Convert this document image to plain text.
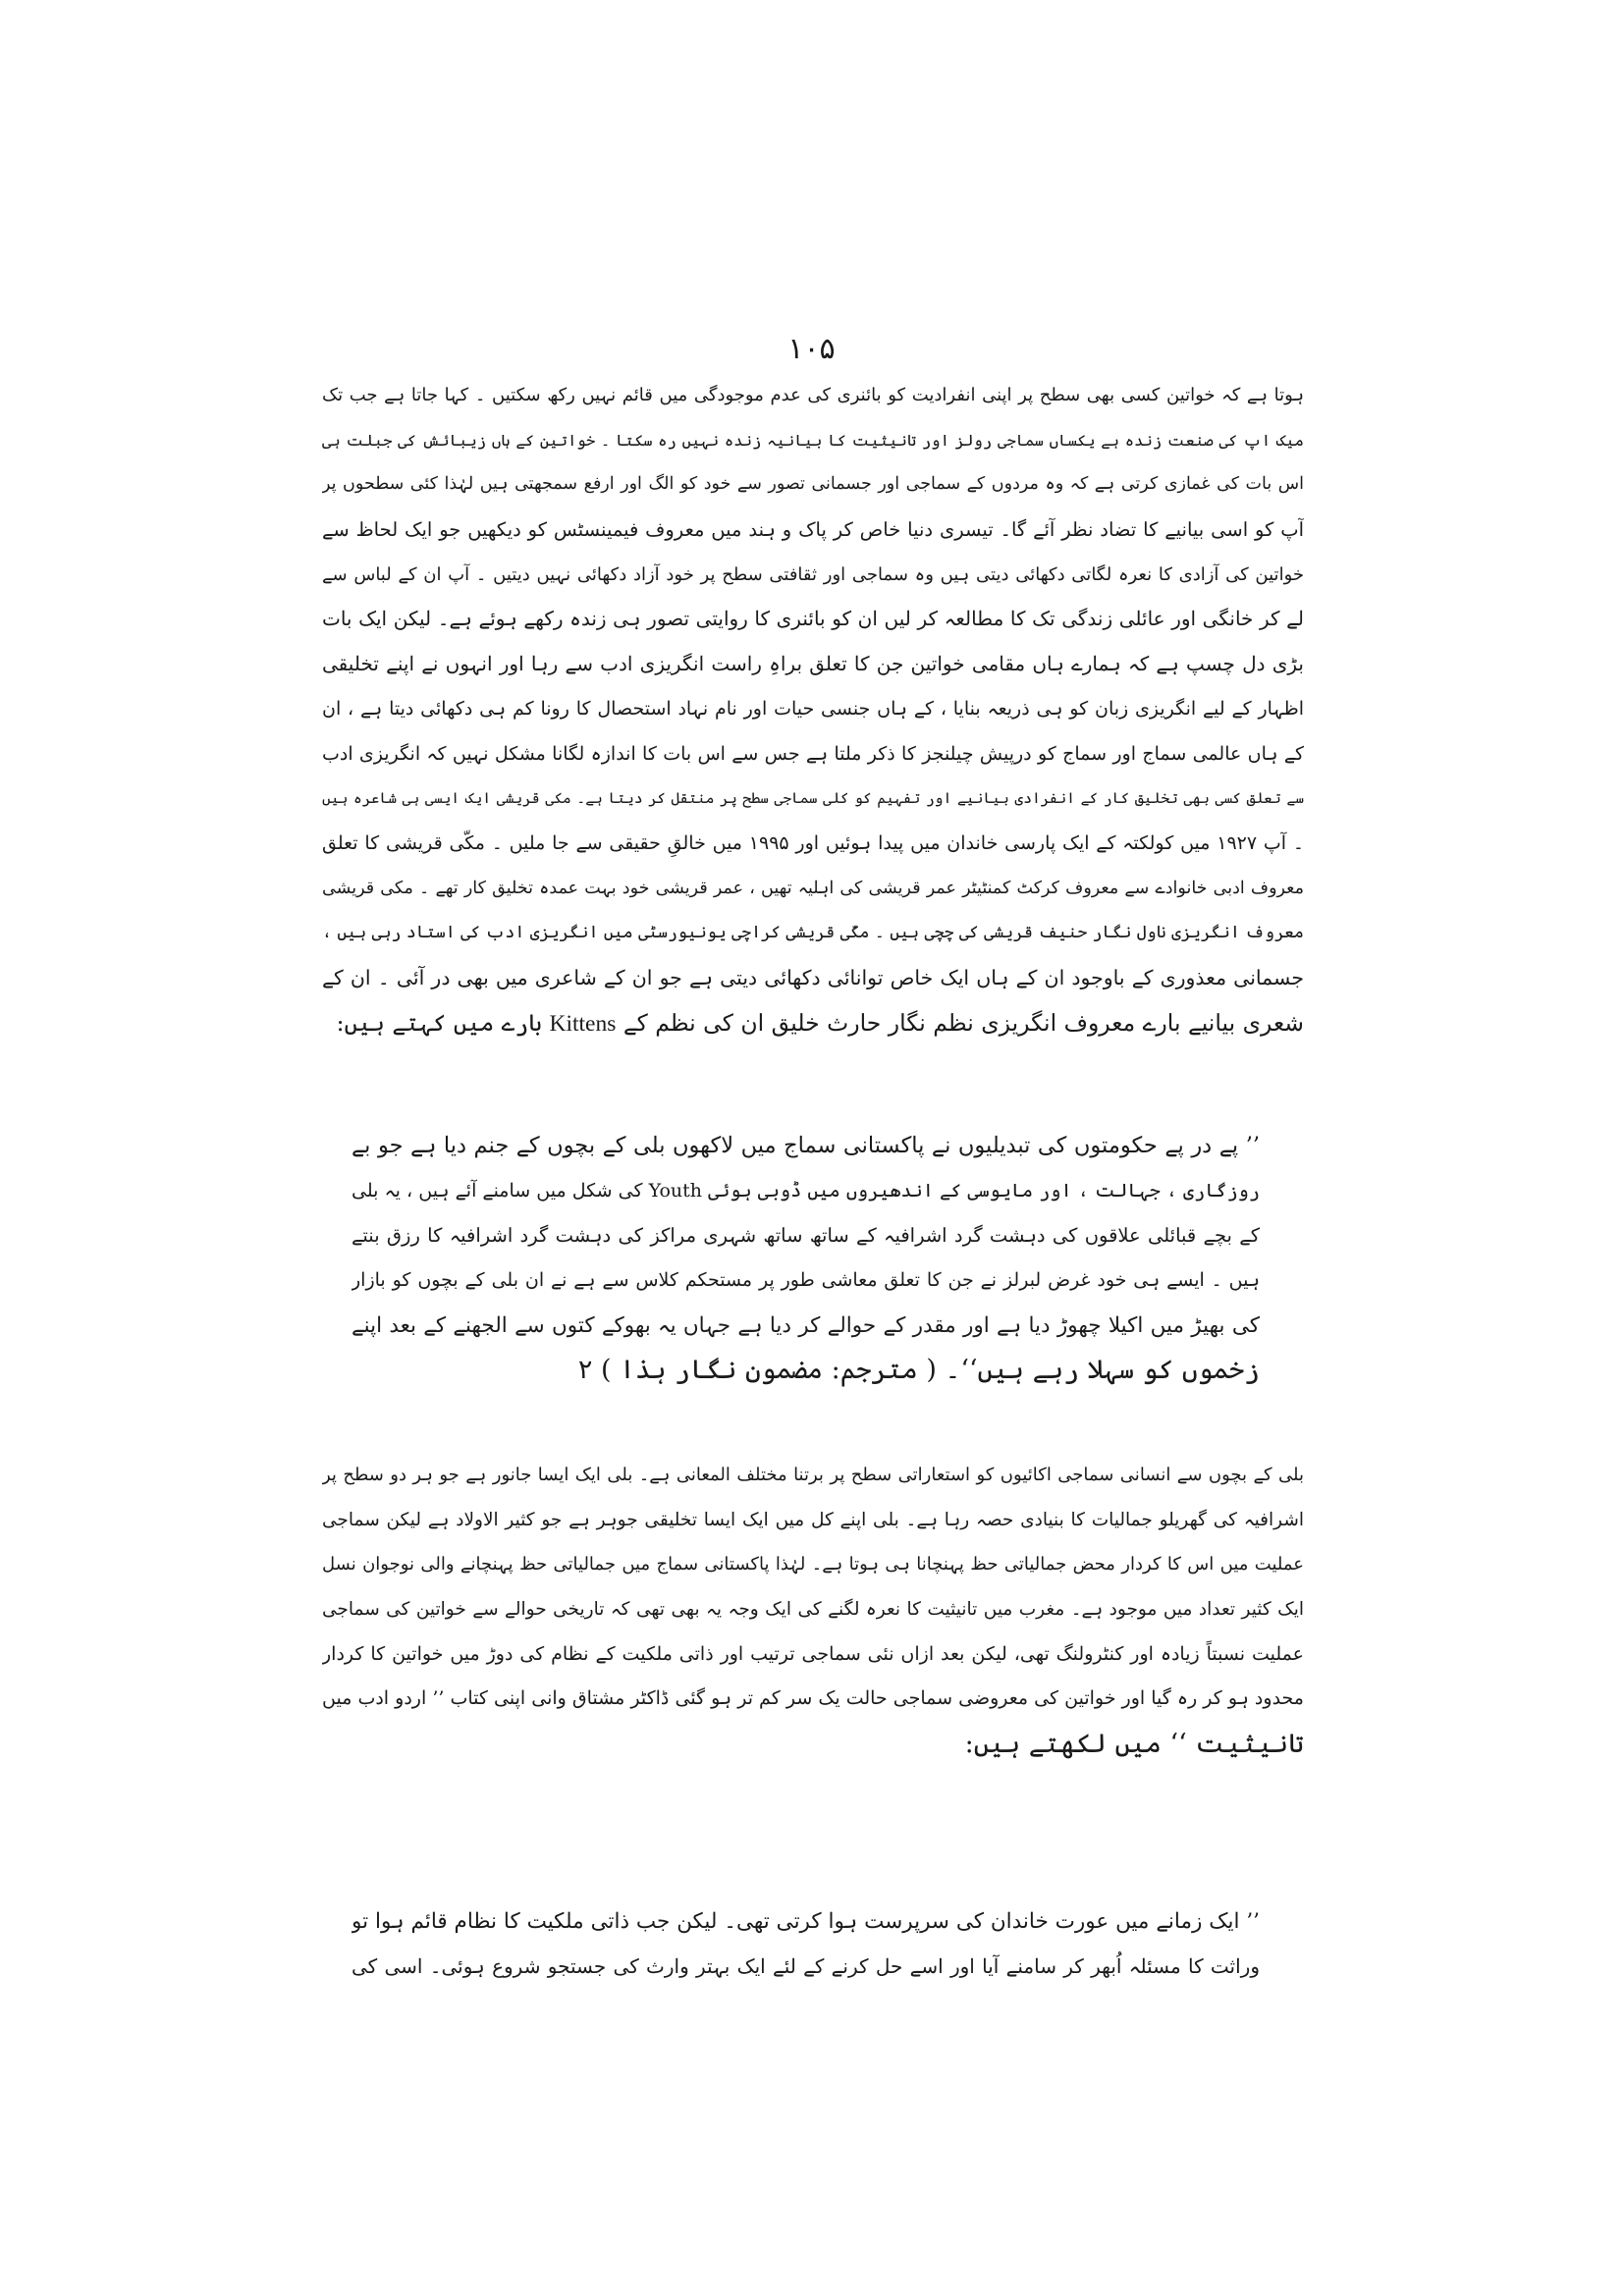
۱۰۵
ہوتا ہے کہ خواتین کسی بھی سطح پر اپنی انفرادیت کو بائنری کی عدم موجودگی میں قائم نہیں رکھ سکتیں ۔ کہا جاتا ہے جب تک
میک اپ کی صنعت زندہ ہے یکساں سماجی رولز اور تانیثیت کا بیانیہ زندہ نہیں رہ سکتا ۔ خواتین کے ہاں زیبائش کی جبلت ہی
اس بات کی غمازی کرتی ہے کہ وہ مردوں کے سماجی اور جسمانی تصور سے خود کو الگ اور ارفع سمجھتی ہیں لہٰذا کئی سطحوں پر
آپ کو اسی بیانیے کا تضاد نظر آئے گا۔ تیسری دنیا خاص کر پاک و ہند میں معروف فیمینسٹس کو دیکھیں جو ایک لحاظ سے
خواتین کی آزادی کا نعرہ لگاتی دکھائی دیتی ہیں وہ سماجی اور ثقافتی سطح پر خود آزاد دکھائی نہیں دیتیں ۔ آپ ان کے لباس سے
لے کر خانگی اور عائلی زندگی تک کا مطالعہ کر لیں ان کو بائنری کا روایتی تصور ہی زندہ رکھے ہوئے ہے۔ لیکن ایک بات
بڑی دل چسپ ہے کہ ہمارے ہاں مقامی خواتین جن کا تعلق براہِ راست انگریزی ادب سے رہا اور انہوں نے اپنے تخلیقی
اظہار کے لیے انگریزی زبان کو ہی ذریعہ بنایا ، کے ہاں جنسی حیات اور نام نہاد استحصال کا رونا کم ہی دکھائی دیتا ہے ، ان
کے ہاں عالمی سماج اور سماج کو درپیش چیلنجز کا ذکر ملتا ہے جس سے اس بات کا اندازہ لگانا مشکل نہیں کہ انگریزی ادب
سے تعلق کسی بھی تخلیق کار کے انفرادی بیانیے اور تفہیم کو کلی سماجی سطح پر منتقل کر دیتا ہے۔ مکی قریشی ایک ایسی ہی شاعرہ ہیں
۔ آپ ۱۹۲۷ میں کولکتہ کے ایک پارسی خاندان میں پیدا ہوئیں اور ۱۹۹۵ میں خالقِ حقیقی سے جا ملیں ۔ مکّی قریشی کا تعلق
معروف ادبی خانوادے سے معروف کرکٹ کمنٹیٹر عمر قریشی کی اہلیہ تھیں ، عمر قریشی خود بہت عمدہ تخلیق کار تھے ۔ مکی قریشی
معروف انگریزی ناول نگار حنیف قریشی کی چچی ہیں ۔ مکّی قریشی کراچی یونیورسٹی میں انگریزی ادب کی استاد رہی ہیں ،
جسمانی معذوری کے باوجود ان کے ہاں ایک خاص توانائی دکھائی دیتی ہے جو ان کے شاعری میں بھی در آئی ۔ ان کے
شعری بیانیے بارے معروف انگریزی نظم نگار حارث خلیق ان کی نظم کے Kittens بارے میں کہتے ہیں:
’’ پے در پے حکومتوں کی تبدیلیوں نے پاکستانی سماج میں لاکھوں بلی کے بچوں کے جنم دیا ہے جو بے
روزگاری ، جہالت ، اور مایوسی کے اندھیروں میں ڈوبی ہوئی Youth کی شکل میں سامنے آئے ہیں ، یہ بلی
کے بچے قبائلی علاقوں کی دہشت گرد اشرافیہ کے ساتھ ساتھ شہری مراکز کی دہشت گرد اشرافیہ کا رزق بنتے
ہیں ۔ ایسے ہی خود غرض لبرلز نے جن کا تعلق معاشی طور پر مستحکم کلاس سے ہے نے ان بلی کے بچوں کو بازار
کی بھیڑ میں اکیلا چھوڑ دیا ہے اور مقدر کے حوالے کر دیا ہے جہاں یہ بھوکے کتوں سے الجھنے کے بعد اپنے
زخموں کو سہلا رہے ہیں‘‘۔ ( مترجم: مضمون نگار ہذا ) ۲
بلی کے بچوں سے انسانی سماجی اکائیوں کو استعاراتی سطح پر برتنا مختلف المعانی ہے۔ بلی ایک ایسا جانور ہے جو ہر دو سطح پر
اشرافیہ کی گھریلو جمالیات کا بنیادی حصہ رہا ہے۔ بلی اپنے کل میں ایک ایسا تخلیقی جوہر ہے جو کثیر الاولاد ہے لیکن سماجی
عملیت میں اس کا کردار محض جمالیاتی حظ پہنچانا ہی ہوتا ہے۔ لہٰذا پاکستانی سماج میں جمالیاتی حظ پہنچانے والی نوجوان نسل
ایک کثیر تعداد میں موجود ہے۔ مغرب میں تانیثیت کا نعرہ لگنے کی ایک وجہ یہ بھی تھی کہ تاریخی حوالے سے خواتین کی سماجی
عملیت نسبتاً زیادہ اور کنٹرولنگ تھی، لیکن بعد ازاں نئی سماجی ترتیب اور ذاتی ملکیت کے نظام کی دوڑ میں خواتین کا کردار
محدود ہو کر رہ گیا اور خواتین کی معروضی سماجی حالت یک سر کم تر ہو گئی ڈاکٹر مشتاق وانی اپنی کتاب ’’ اردو ادب میں
تانیثیت ‘‘ میں لکھتے ہیں:
’’ ایک زمانے میں عورت خاندان کی سرپرست ہوا کرتی تھی۔ لیکن جب ذاتی ملکیت کا نظام قائم ہوا تو
وراثت کا مسئلہ اُبھر کر سامنے آیا اور اسے حل کرنے کے لئے ایک بہتر وارث کی جستجو شروع ہوئی۔ اسی کی
